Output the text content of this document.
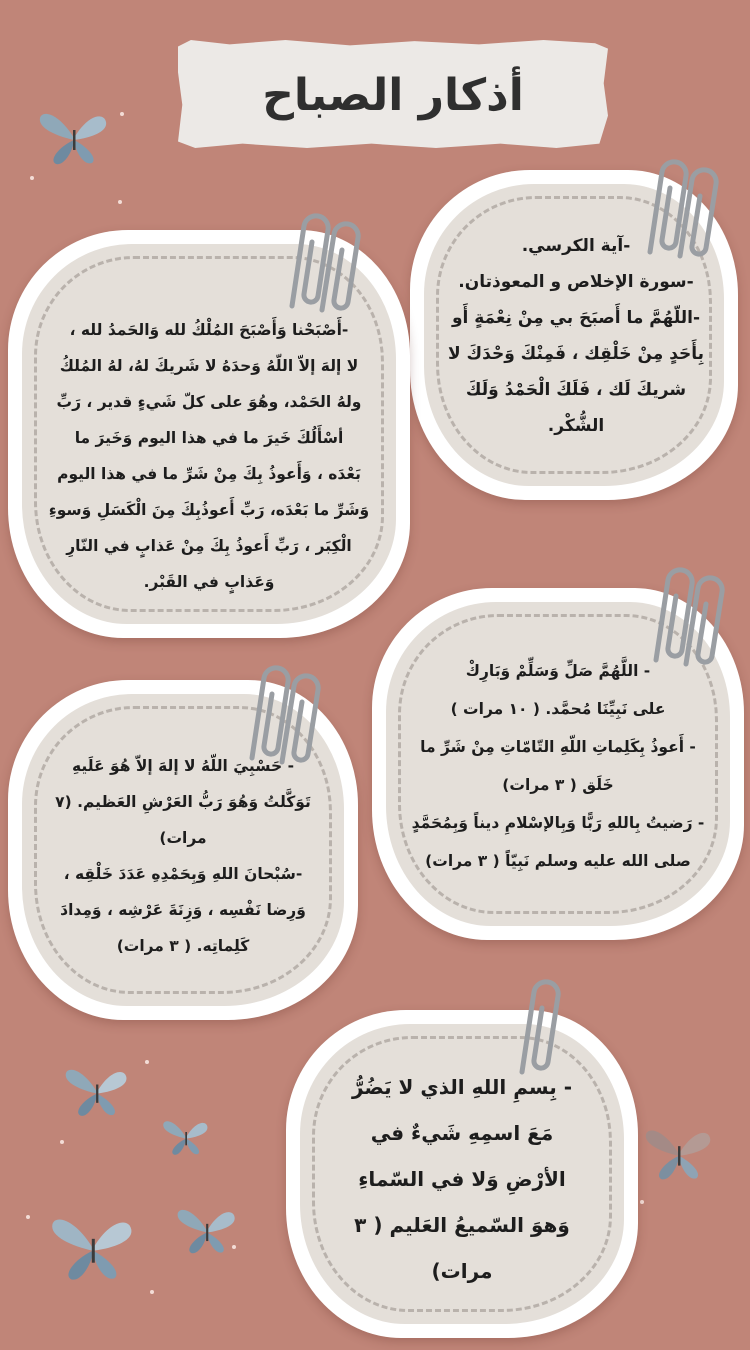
أذكار الصباح
-آية الكرسي.
-سورة الإخلاص و المعوذتان.
-اللّهُمَّ ما أَصبَحَ بي مِنْ نِعْمَةٍ أَو
بِأَحَدٍ مِنْ خَلْقِك ، فَمِنْكَ وَحْدَكَ لا
شريكَ لَك ، فَلَكَ الْحَمْدُ وَلَكَ
الشُّكْر.
-أَصْبَحْنا وَأَصْبَحَ المُلْكُ لله وَالحَمدُ لله ،
لا إلهَ إلاّ اللّهُ وَحدَهُ لا شَريكَ لهُ، لهُ المُلكُ
ولهُ الحَمْد، وهُوَ على كلّ شَيءٍ قدير ، رَبِّ
أسْأَلُكَ خَيرَ ما في هذا اليوم وَخَيرَ ما
بَعْدَه ، وَأَعوذُ بِكَ مِنْ شَرِّ ما في هذا اليوم
وَشَرِّ ما بَعْدَه، رَبِّ أَعوذُبِكَ مِنَ الْكَسَلِ وَسوءِ
الْكِبَر ، رَبِّ أَعوذُ بِكَ مِنْ عَذابٍ في النّارِ
وَعَذابٍ في القَبْر.
- اللَّهُمَّ صَلِّ وَسَلِّمْ وَبَارِكْ
على نَبِيِّنَا مُحمَّد. ( ١٠ مرات )
- أَعوذُ بِكَلِماتِ اللّهِ التّامّاتِ مِنْ شَرِّ ما
خَلَق ( ٣ مرات)
- رَضيتُ بِاللهِ رَبًّا وَبِالإسْلامِ ديناً وَبِمُحَمَّدٍ
صلى الله عليه وسلم نَبِيّاً ( ٣ مرات)
- حَسْبِيَ اللّهُ لا إلهَ إلاّ هُوَ عَلَيهِ
تَوَكَّلتُ وَهُوَ رَبُّ العَرْشِ العَظيم. (٧
مرات)
-سُبْحانَ اللهِ وَبِحَمْدِهِ عَدَدَ خَلْقِه ،
وَرِضا نَفْسِه ، وَزِنَةَ عَرْشِه ، وَمِدادَ
كَلِماتِه. ( ٣ مرات)
- بِسمِ اللهِ الذي لا يَضُرُّ
مَعَ اسمِهِ شَيءٌ في
الأرْضِ وَلا في السّماءِ
وَهوَ السّميعُ العَليم ( ٣
مرات)
